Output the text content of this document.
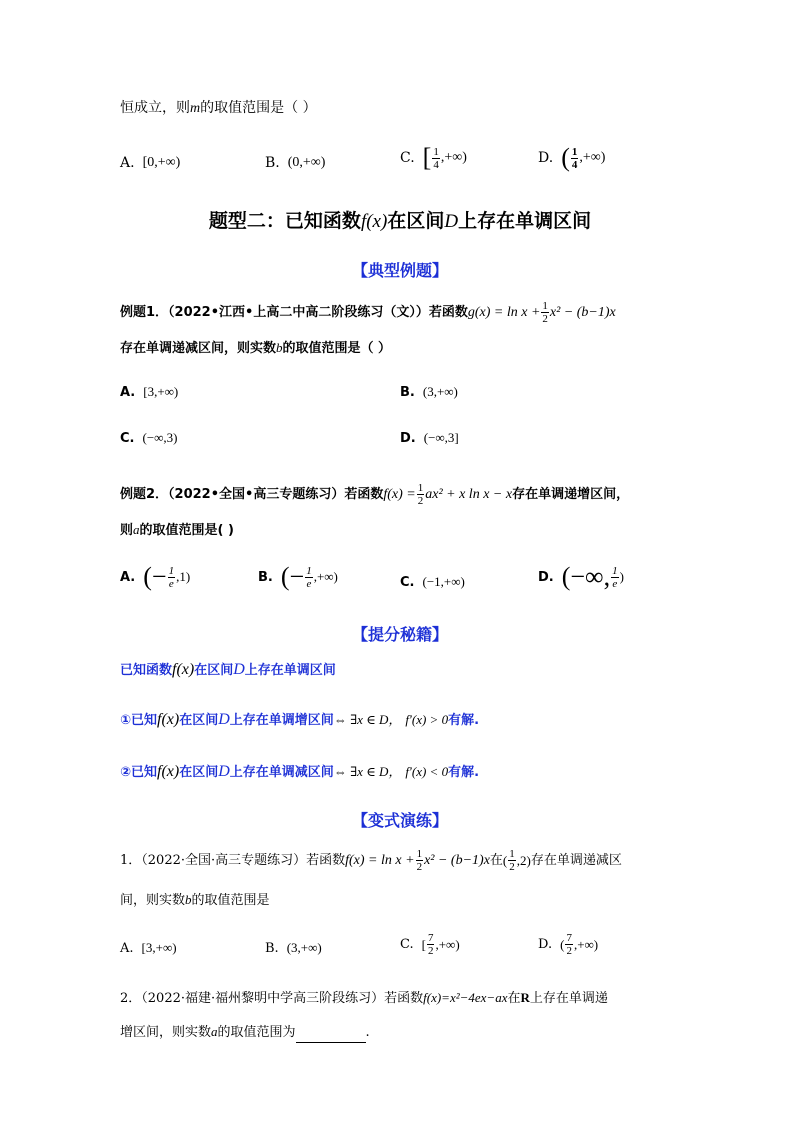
恒成立，则m的取值范围是（ ）
A. [0,+∞)	B. (0,+∞)	C. [ $\frac{1}{4}$ ,+∞)	D. ( $\frac{1}{4}$ ,+∞)
题型二：已知函数f(x)在区间D上存在单调区间
【典型例题】
例题1．（2022•江西•上高二中高二阶段练习（文））若函数 $g(x) = \ln x + \frac{1}{2} x^2 - (b-1)x$
存在单调递减区间，则实数b的取值范围是（ ）
A. [3,+∞)	B. (3,+∞)
C. (−∞,3)	D. (−∞,3]
例题2．（2022•全国•高三专题练习）若函数 $f(x) = \frac{1}{2} ax^2 + x$ ln x − x 存在单调递增区间，
则a的取值范围是( )
A. (− $\frac{1}{e} ,1$)	B. (− $\frac{1}{e}$ ,+∞)	C. (−1,+∞)	D. (−∞, $\frac{1}{e}$ )
【提分秘籍】
已知函数f(x)在区间D上存在单调区间
①已知f(x)在区间D上存在单调增区间⇔ ∃x ∈ D， f′(x) > 0有解.
②已知f(x)在区间D上存在单调减区间⇔ ∃x ∈ D， f′(x) < 0有解.
【变式演练】
1．（2022·全国·高三专题练习）若函数 $f(x) = \ln x + \frac{1}{2} x^2 - (b-1)x$ 在 ( $\frac{1}{2} ,2$) 存在单调递减区
间，则实数b的取值范围是
A. [3,+∞)	B. (3,+∞)	C. [ $\frac{7}{2}$ ,+∞)	D. ( $\frac{7}{2}$ ,+∞)
2．（2022·福建·福州黎明中学高三阶段练习）若函数f(x)=x²−4ex−ax在R上存在单调递
增区间，则实数a的取值范围为	.
